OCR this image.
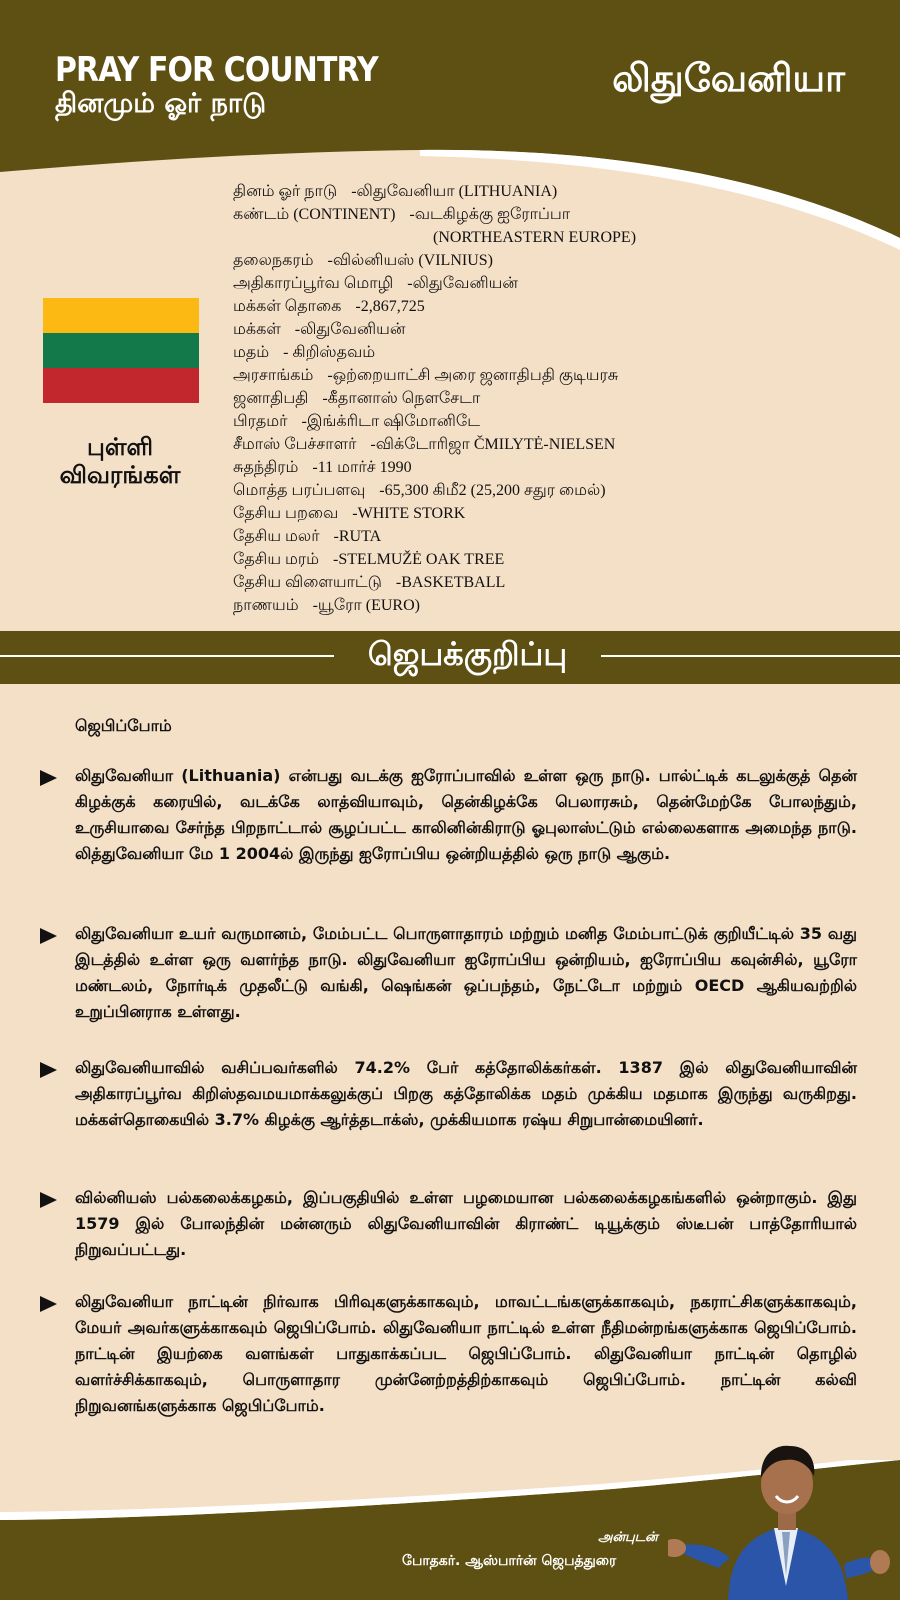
PRAY FOR COUNTRY
தினமும் ஓர் நாடு
லிதுவேனியா
புள்ளி
விவரங்கள்
தினம் ஓர் நாடு -லிதுவேனியா (LITHUANIA)
கண்டம் (CONTINENT) -வடகிழக்கு ஐரோப்பா
(NORTHEASTERN EUROPE)
தலைநகரம் -வில்னியஸ் (VILNIUS)
அதிகாரப்பூர்வ மொழி -லிதுவேனியன்
மக்கள் தொகை -2,867,725
மக்கள் -லிதுவேனியன்
மதம் - கிறிஸ்தவம்
அரசாங்கம் -ஒற்றையாட்சி அரை ஜனாதிபதி குடியரசு
ஜனாதிபதி -கீதானாஸ் நௌசேடா
பிரதமர் -இங்க்ரிடா ஷிமோனிடே
சீமாஸ் பேச்சாளர் -விக்டோரிஜா ČMILYTĖ-NIELSEN
சுதந்திரம் -11 மார்ச் 1990
மொத்த பரப்பளவு -65,300 கிமீ2 (25,200 சதுர மைல்)
தேசிய பறவை -WHITE STORK
தேசிய மலர் -RUTA
தேசிய மரம் -STELMUŽĖ OAK TREE
தேசிய விளையாட்டு -BASKETBALL
நாணயம் -யூரோ (EURO)
ஜெபக்குறிப்பு
ஜெபிப்போம்
லிதுவேனியா (Lithuania) என்பது வடக்கு ஐரோப்பாவில் உள்ள ஒரு நாடு. பால்ட்டிக் கடலுக்குத் தென் கிழக்குக் கரையில், வடக்கே லாத்வியாவும், தென்கிழக்கே பெலாரசும், தென்மேற்கே போலந்தும், உருசியாவை சேர்ந்த பிறநாட்டால் சூழப்பட்ட காலினின்கிராடு ஓபுலாஸ்ட்டும் எல்லைகளாக அமைந்த நாடு. லித்துவேனியா மே 1 2004ல் இருந்து ஐரோப்பிய ஒன்றியத்தில் ஒரு நாடு ஆகும்.
லிதுவேனியா உயர் வருமானம், மேம்பட்ட பொருளாதாரம் மற்றும் மனித மேம்பாட்டுக் குறியீட்டில் 35 வது இடத்தில் உள்ள ஒரு வளர்ந்த நாடு. லிதுவேனியா ஐரோப்பிய ஒன்றியம், ஐரோப்பிய கவுன்சில், யூரோ மண்டலம், நோர்டிக் முதலீட்டு வங்கி, ஷெங்கன் ஒப்பந்தம், நேட்டோ மற்றும் OECD ஆகியவற்றில் உறுப்பினராக உள்ளது.
லிதுவேனியாவில் வசிப்பவர்களில் 74.2% பேர் கத்தோலிக்கர்கள். 1387 இல் லிதுவேனியாவின் அதிகாரப்பூர்வ கிறிஸ்தவமயமாக்கலுக்குப் பிறகு கத்தோலிக்க மதம் முக்கிய மதமாக இருந்து வருகிறது. மக்கள்தொகையில் 3.7% கிழக்கு ஆர்த்தடாக்ஸ், முக்கியமாக ரஷ்ய சிறுபான்மையினர்.
வில்னியஸ் பல்கலைக்கழகம், இப்பகுதியில் உள்ள பழமையான பல்கலைக்கழகங்களில் ஒன்றாகும். இது 1579 இல் போலந்தின் மன்னரும் லிதுவேனியாவின் கிராண்ட் டியூக்கும் ஸ்டீபன் பாத்தோரியால் நிறுவப்பட்டது.
லிதுவேனியா நாட்டின் நிர்வாக பிரிவுகளுக்காகவும், மாவட்டங்களுக்காகவும், நகராட்சிகளுக்காகவும், மேயர் அவர்களுக்காகவும் ஜெபிப்போம். லிதுவேனியா நாட்டில் உள்ள நீதிமன்றங்களுக்காக ஜெபிப்போம். நாட்டின் இயற்கை வளங்கள் பாதுகாக்கப்பட ஜெபிப்போம். லிதுவேனியா நாட்டின் தொழில் வளர்ச்சிக்காகவும், பொருளாதார முன்னேற்றத்திற்காகவும் ஜெபிப்போம். நாட்டின் கல்வி நிறுவனங்களுக்காக ஜெபிப்போம்.
அன்புடன்
போதகர். ஆஸ்பார்ன் ஜெபத்துரை
